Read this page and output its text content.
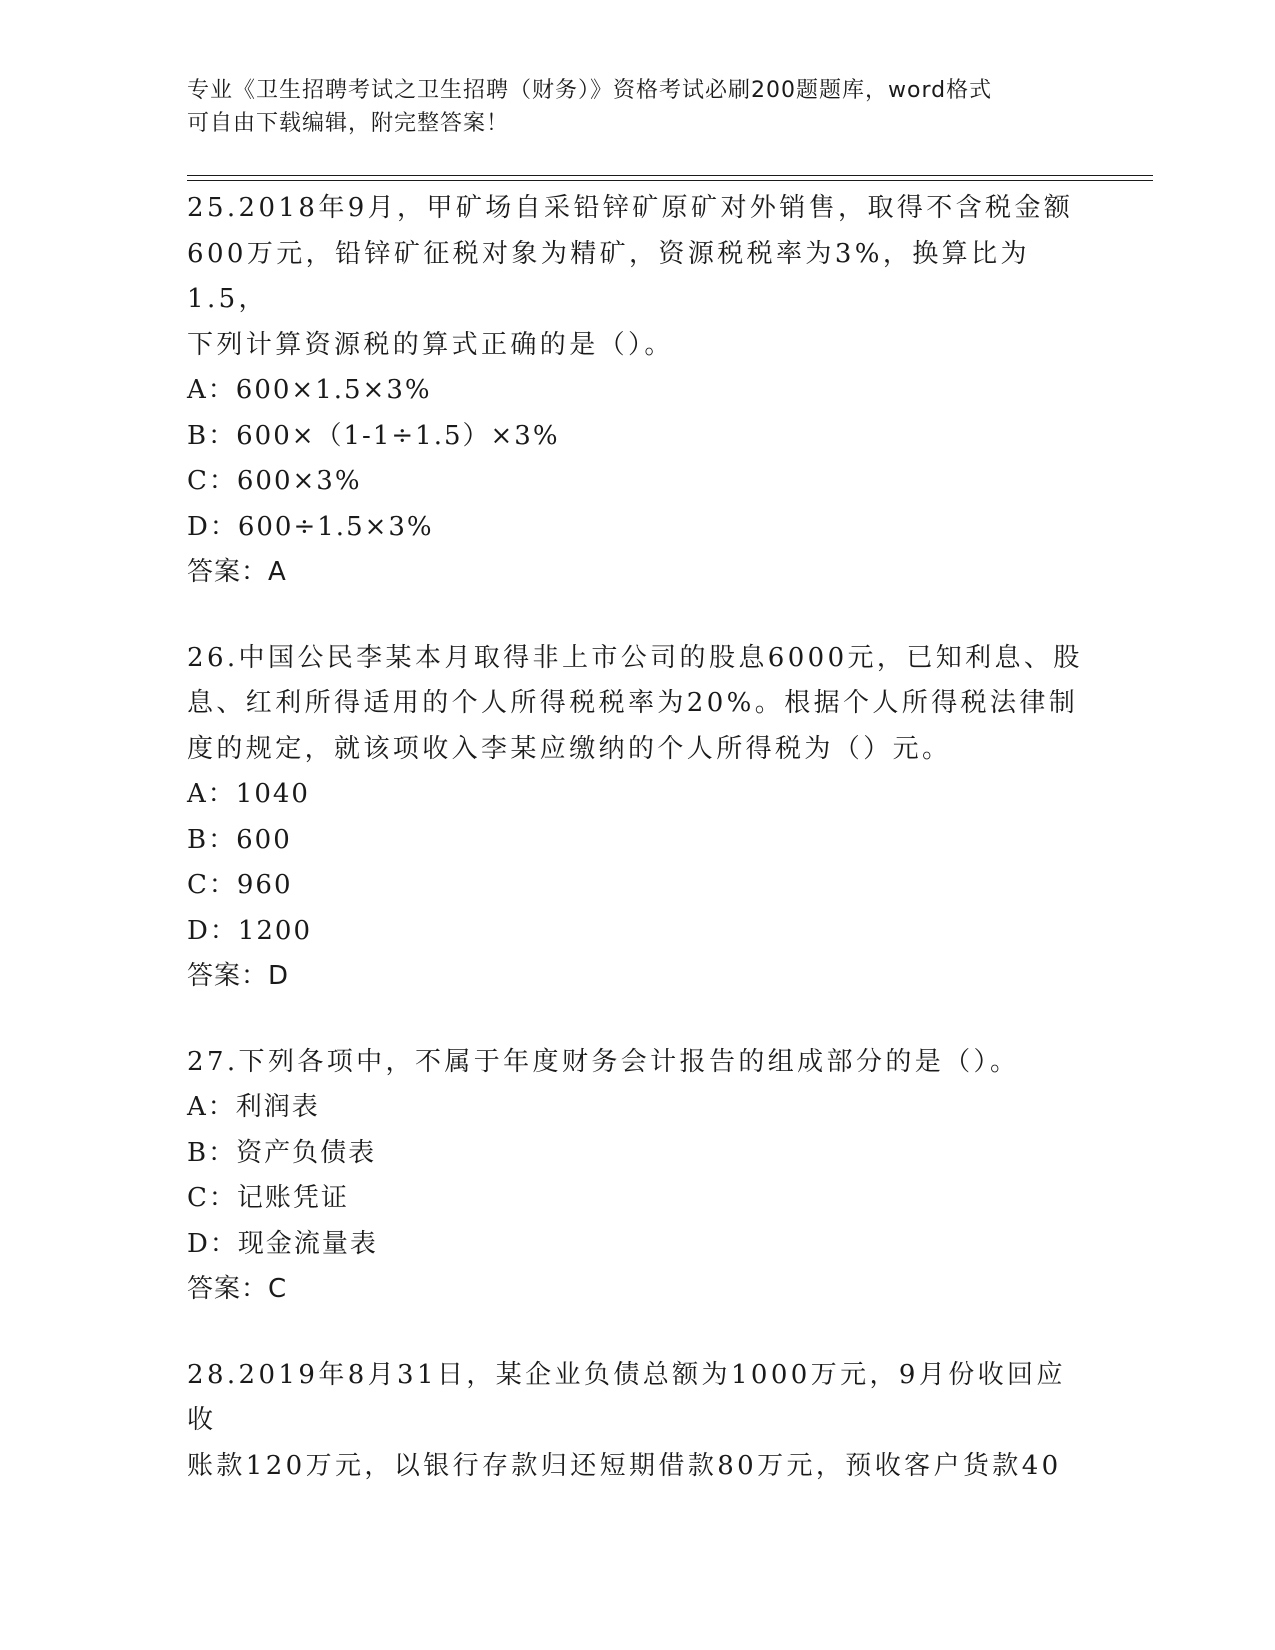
专业《卫生招聘考试之卫生招聘（财务）》资格考试必刷200题题库，word格式
可自由下载编辑，附完整答案！

25.2018年9月，甲矿场自采铅锌矿原矿对外销售，取得不含税金额

600万元，铅锌矿征税对象为精矿，资源税税率为3%，换算比为1.5，

下列计算资源税的算式正确的是（）。

A：600×1.5×3%

B：600×（1-1÷1.5）×3%

C：600×3%

D：600÷1.5×3%

答案：A

26.中国公民李某本月取得非上市公司的股息6000元，已知利息、股

息、红利所得适用的个人所得税税率为20%。根据个人所得税法律制

度的规定，就该项收入李某应缴纳的个人所得税为（）元。

A：1040

B：600

C：960

D：1200

答案：D

27.下列各项中，不属于年度财务会计报告的组成部分的是（）。

A：利润表

B：资产负债表

C：记账凭证

D：现金流量表

答案：C

28.2019年8月31日，某企业负债总额为1000万元，9月份收回应收

账款120万元，以银行存款归还短期借款80万元，预收客户货款40
